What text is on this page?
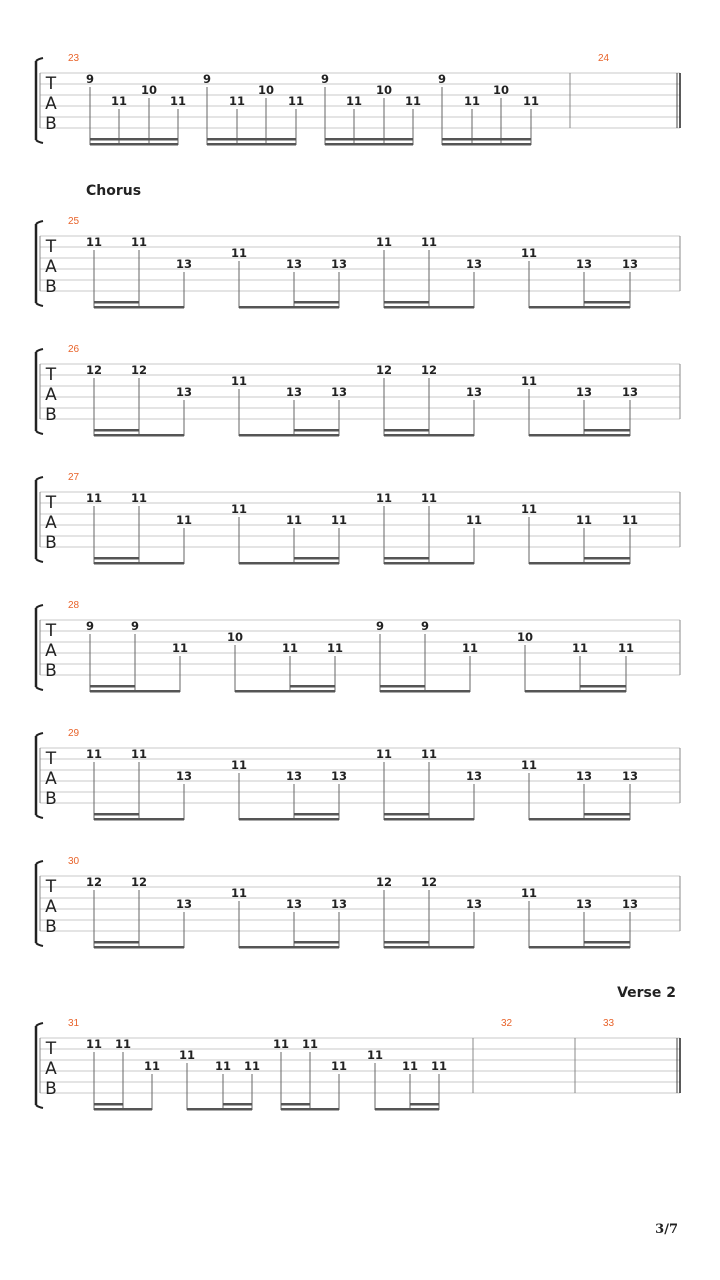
T
A
B
23
9
11
10
11
9
11
10
11
9
11
10
11
9
11
10
11
24
T
A
B
25
11	11
13
11
13	13
11	11
13
11
13	13
T
A
B
26
12	12
13
11
13	13
12	12
13
11
13	13
T
A
B
27
11	11
11
11
11	11
11	11
11
11
11	11
T
A
B
28
9	9
11
10
11	11
9	9
11
10
11	11
T
A
B
29
11	11
13
11
13	13
11	11
13
11
13	13
T
A
B
30
12	12
13
11
13	13
12	12
13
11
13	13
T
A
B
31
11 11
11
11
11 11
11 11
11
11
11 11
32	33
Chorus
Verse 2
3/7
